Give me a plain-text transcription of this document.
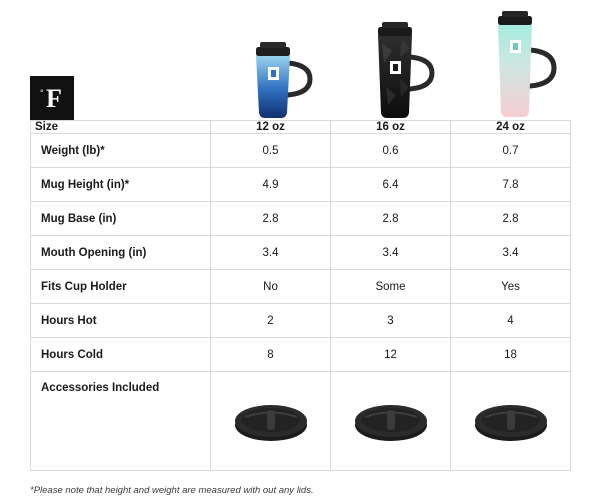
° F
Size	12 oz	16 oz	24 oz
Weight (lb)*	0.5	0.6	0.7
Mug Height (in)*	4.9	6.4	7.8
Mug Base (in)	2.8	2.8	2.8
Mouth Opening (in)	3.4	3.4	3.4
Fits Cup Holder	No	Some	Yes
Hours Hot	2	3	4
Hours Cold	8	12	18
Accessories Included			
*Please note that height and weight are measured with out any lids.
